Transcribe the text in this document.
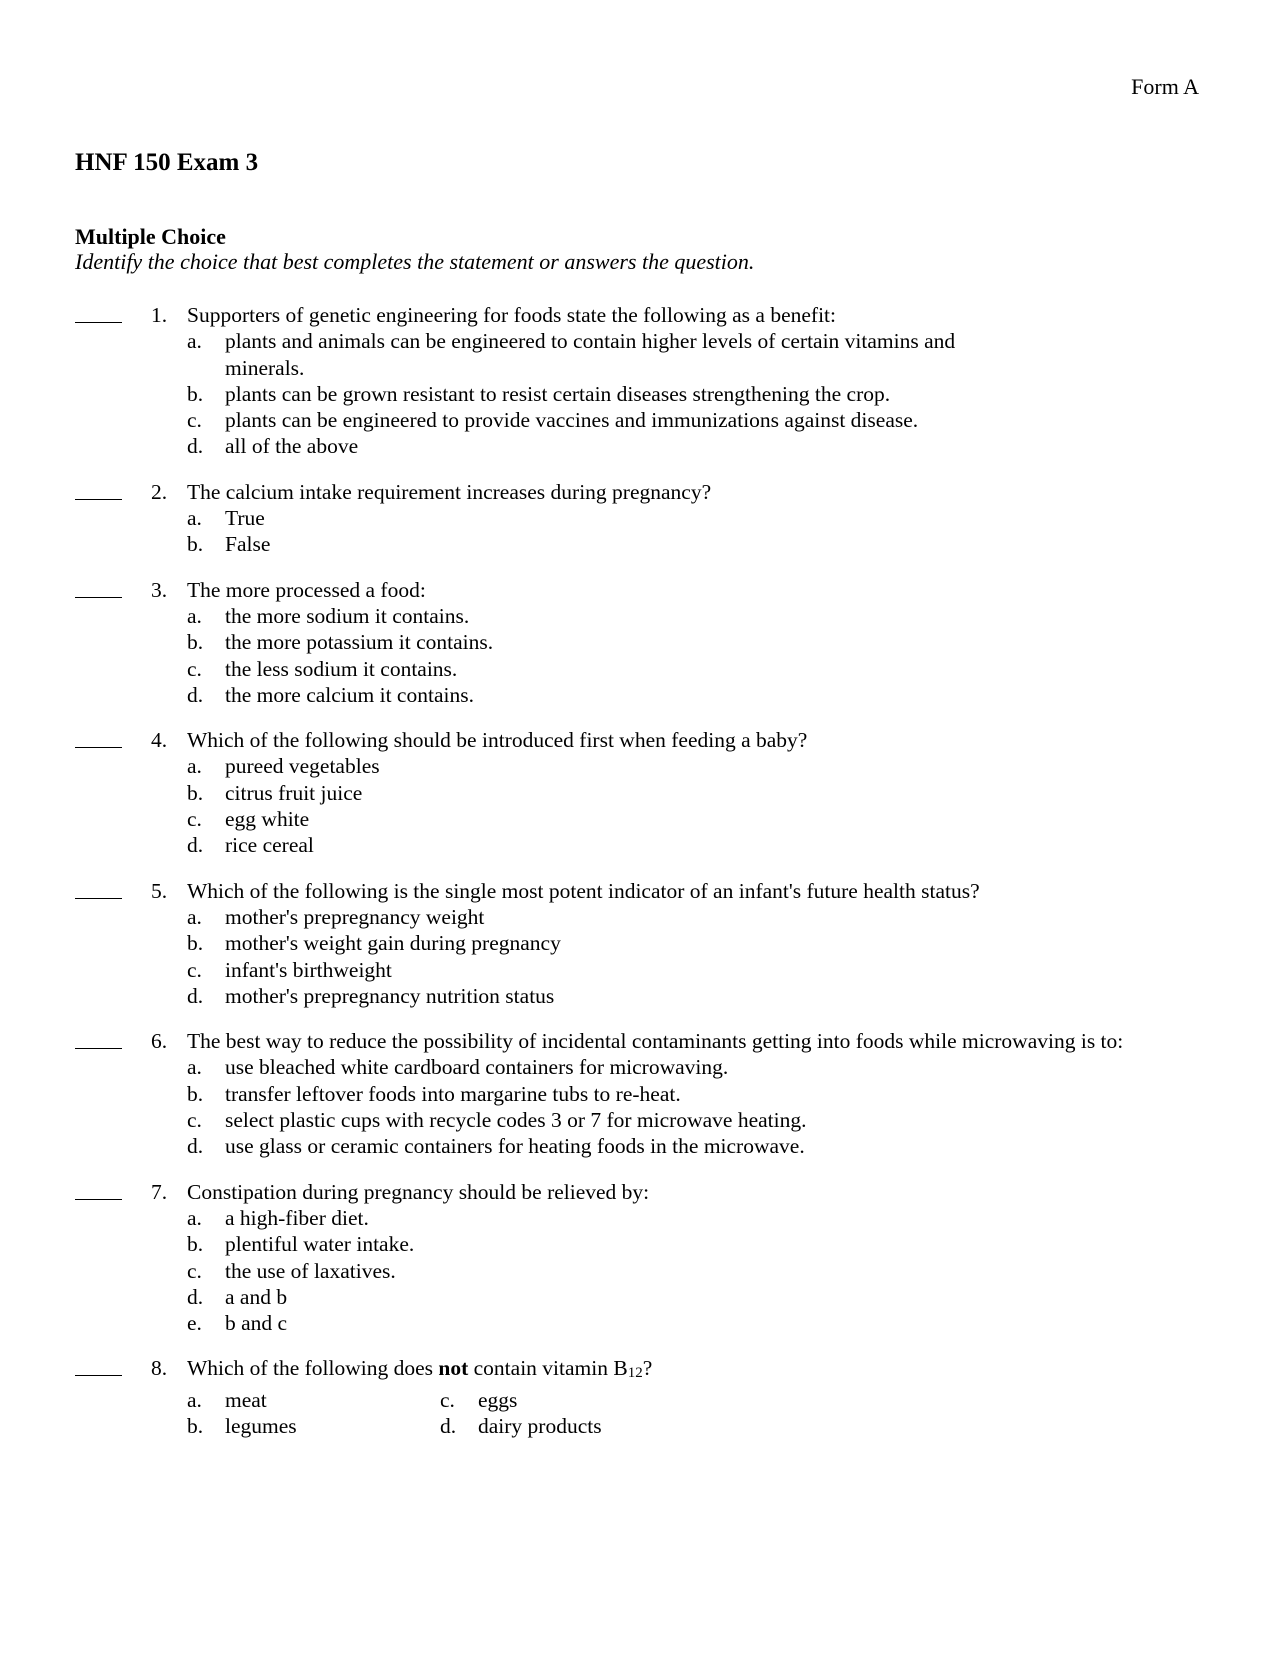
Form A
HNF 150 Exam 3
Multiple Choice
Identify the choice that best completes the statement or answers the question.
1. Supporters of genetic engineering for foods state the following as a benefit:
a. plants and animals can be engineered to contain higher levels of certain vitamins and minerals.
b. plants can be grown resistant to resist certain diseases strengthening the crop.
c. plants can be engineered to provide vaccines and immunizations against disease.
d. all of the above
2. The calcium intake requirement increases during pregnancy?
a. True
b. False
3. The more processed a food:
a. the more sodium it contains.
b. the more potassium it contains.
c. the less sodium it contains.
d. the more calcium it contains.
4. Which of the following should be introduced first when feeding a baby?
a. pureed vegetables
b. citrus fruit juice
c. egg white
d. rice cereal
5. Which of the following is the single most potent indicator of an infant's future health status?
a. mother's prepregnancy weight
b. mother's weight gain during pregnancy
c. infant's birthweight
d. mother's prepregnancy nutrition status
6. The best way to reduce the possibility of incidental contaminants getting into foods while microwaving is to:
a. use bleached white cardboard containers for microwaving.
b. transfer leftover foods into margarine tubs to re-heat.
c. select plastic cups with recycle codes 3 or 7 for microwave heating.
d. use glass or ceramic containers for heating foods in the microwave.
7. Constipation during pregnancy should be relieved by:
a. a high-fiber diet.
b. plentiful water intake.
c. the use of laxatives.
d. a and b
e. b and c
8. Which of the following does not contain vitamin $B_{12}$?
a. meat	c. eggs
b. legumes	d. dairy products
